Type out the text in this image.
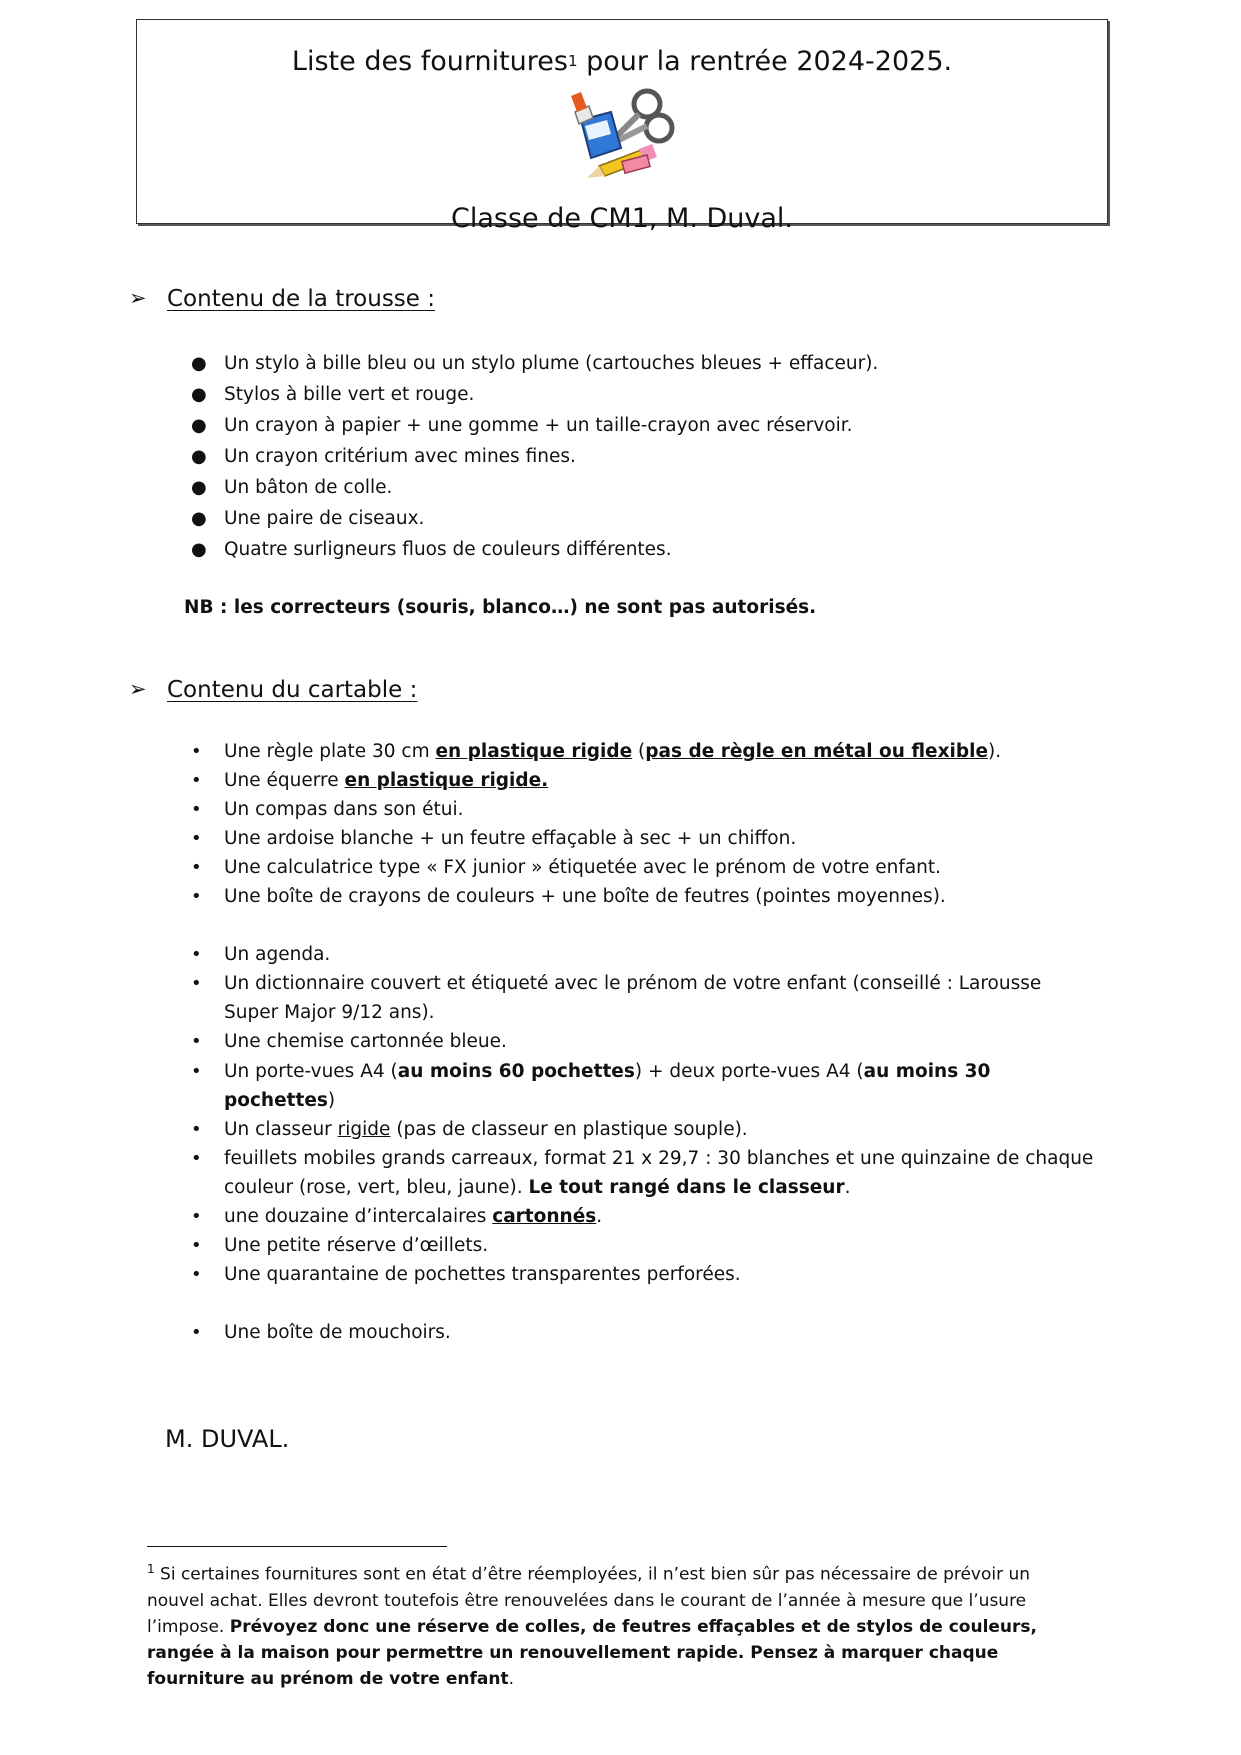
Liste des fournitures$^1$ pour la rentrée 2024-2025.
Classe de CM1, M. Duval.
➢ Contenu de la trousse :
● Un stylo à bille bleu ou un stylo plume (cartouches bleues + effaceur).
● Stylos à bille vert et rouge.
● Un crayon à papier + une gomme + un taille-crayon avec réservoir.
● Un crayon critérium avec mines fines.
● Un bâton de colle.
● Une paire de ciseaux.
● Quatre surligneurs fluos de couleurs différentes.
NB : les correcteurs (souris, blanco…) ne sont pas autorisés.
➢ Contenu du cartable :
• Une règle plate 30 cm en plastique rigide (pas de règle en métal ou flexible).
• Une équerre en plastique rigide.
• Un compas dans son étui.
• Une ardoise blanche + un feutre effaçable à sec + un chiffon.
• Une calculatrice type « FX junior » étiquetée avec le prénom de votre enfant.
• Une boîte de crayons de couleurs + une boîte de feutres (pointes moyennes).
• Un agenda.
• Un dictionnaire couvert et étiqueté avec le prénom de votre enfant (conseillé : Larousse Super Major 9/12 ans).
• Une chemise cartonnée bleue.
• Un porte-vues A4 (au moins 60 pochettes) + deux porte-vues A4 (au moins 30 pochettes)
• Un classeur rigide (pas de classeur en plastique souple).
• feuillets mobiles grands carreaux, format 21 x 29,7 : 30 blanches et une quinzaine de chaque couleur (rose, vert, bleu, jaune). Le tout rangé dans le classeur.
• une douzaine d’intercalaires cartonnés.
• Une petite réserve d’œillets.
• Une quarantaine de pochettes transparentes perforées.
• Une boîte de mouchoirs.
M. DUVAL.
$^1$ Si certaines fournitures sont en état d’être réemployées, il n’est bien sûr pas nécessaire de prévoir un nouvel achat. Elles devront toutefois être renouvelées dans le courant de l’année à mesure que l’usure l’impose. Prévoyez donc une réserve de colles, de feutres effaçables et de stylos de couleurs, rangée à la maison pour permettre un renouvellement rapide. Pensez à marquer chaque fourniture au prénom de votre enfant.
